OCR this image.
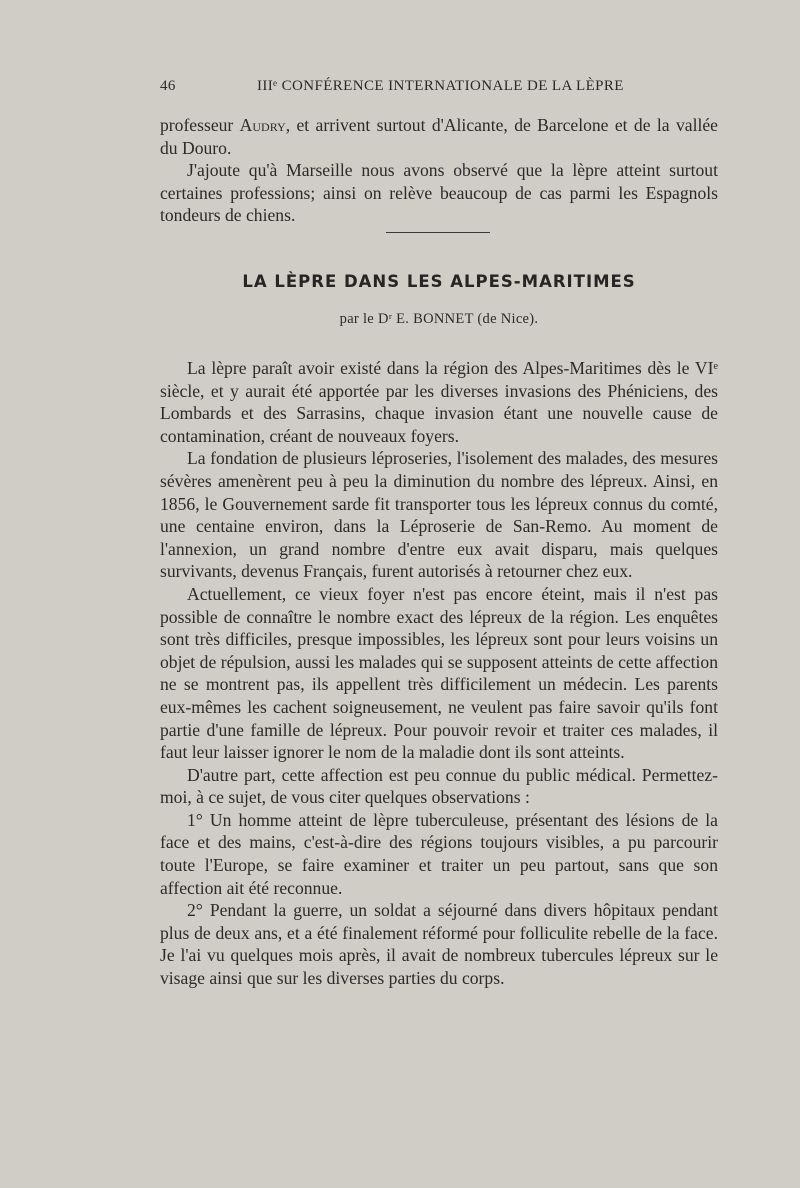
46	IIIᵉ CONFÉRENCE INTERNATIONALE DE LA LÈPRE

professeur Audry, et arrivent surtout d'Alicante, de Barcelone et de la vallée du Douro.

J'ajoute qu'à Marseille nous avons observé que la lèpre atteint surtout certaines professions; ainsi on relève beaucoup de cas parmi les Espagnols tondeurs de chiens.

LA LÈPRE DANS LES ALPES-MARITIMES
par le Dʳ E. BONNET (de Nice).

La lèpre paraît avoir existé dans la région des Alpes-Maritimes dès le VIᵉ siècle, et y aurait été apportée par les diverses invasions des Phéniciens, des Lombards et des Sarrasins, chaque invasion étant une nouvelle cause de contamination, créant de nouveaux foyers.

La fondation de plusieurs léproseries, l'isolement des malades, des mesures sévères amenèrent peu à peu la diminution du nombre des lépreux. Ainsi, en 1856, le Gouvernement sarde fit transporter tous les lépreux connus du comté, une centaine environ, dans la Léproserie de San-Remo. Au moment de l'annexion, un grand nombre d'entre eux avait disparu, mais quelques survivants, devenus Français, furent autorisés à retourner chez eux.

Actuellement, ce vieux foyer n'est pas encore éteint, mais il n'est pas possible de connaître le nombre exact des lépreux de la région. Les enquêtes sont très difficiles, presque impossibles, les lépreux sont pour leurs voisins un objet de répulsion, aussi les malades qui se supposent atteints de cette affection ne se montrent pas, ils appellent très difficilement un médecin. Les parents eux-mêmes les cachent soigneusement, ne veulent pas faire savoir qu'ils font partie d'une famille de lépreux. Pour pouvoir revoir et traiter ces malades, il faut leur laisser ignorer le nom de la maladie dont ils sont atteints.

D'autre part, cette affection est peu connue du public médical. Permettez-moi, à ce sujet, de vous citer quelques observations :

1° Un homme atteint de lèpre tuberculeuse, présentant des lésions de la face et des mains, c'est-à-dire des régions toujours visibles, a pu parcourir toute l'Europe, se faire examiner et traiter un peu partout, sans que son affection ait été reconnue.

2° Pendant la guerre, un soldat a séjourné dans divers hôpitaux pendant plus de deux ans, et a été finalement réformé pour folliculite rebelle de la face. Je l'ai vu quelques mois après, il avait de nombreux tubercules lépreux sur le visage ainsi que sur les diverses parties du corps.
